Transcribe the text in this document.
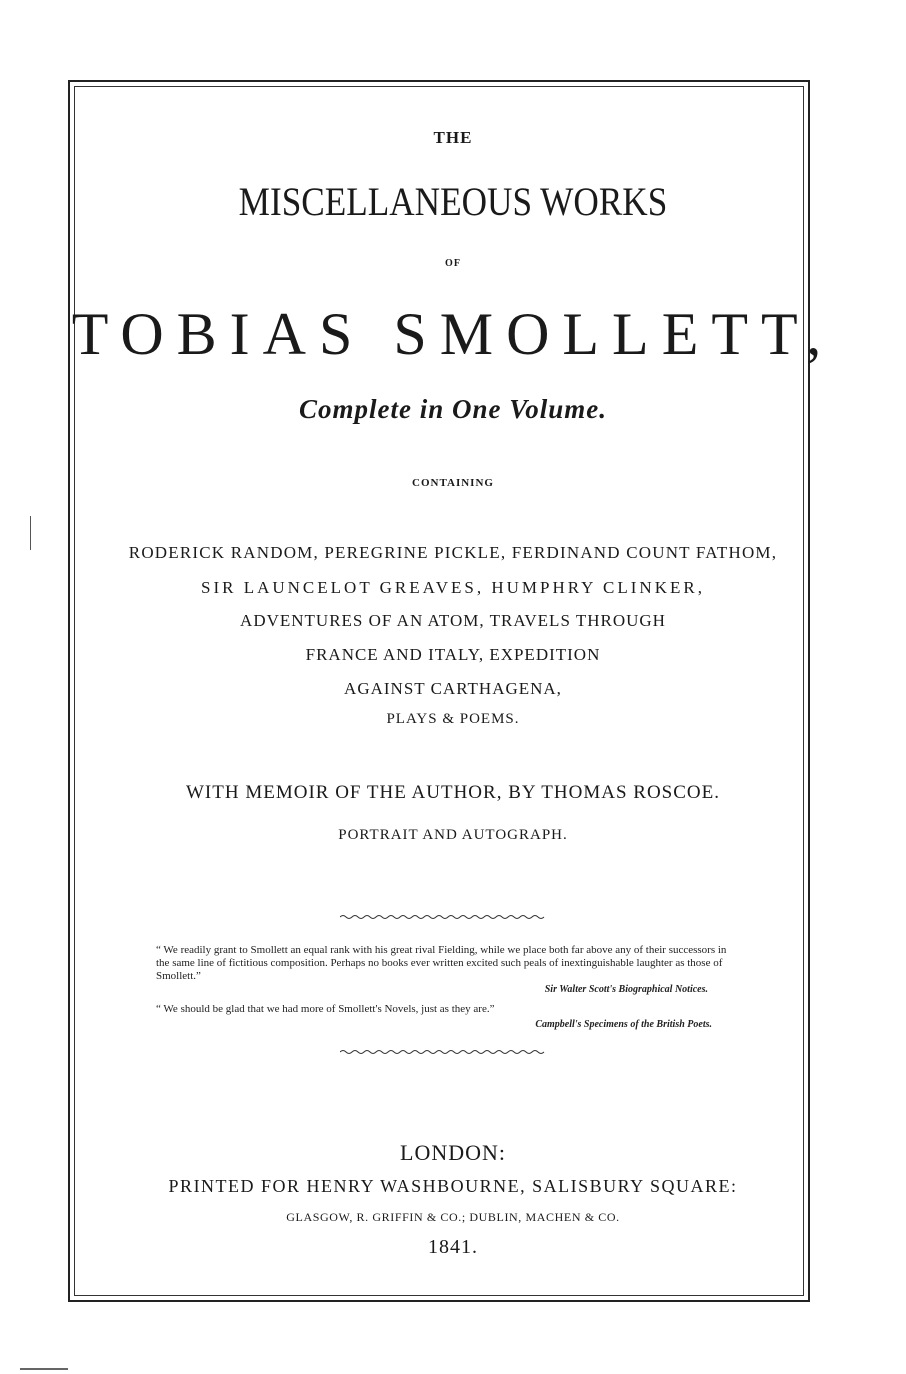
THE
MISCELLANEOUS WORKS
OF
TOBIAS SMOLLETT,
Complete in One Volume.
CONTAINING
RODERICK RANDOM, PEREGRINE PICKLE, FERDINAND COUNT FATHOM,
SIR LAUNCELOT GREAVES, HUMPHRY CLINKER,
ADVENTURES OF AN ATOM, TRAVELS THROUGH
FRANCE AND ITALY, EXPEDITION
AGAINST CARTHAGENA,
PLAYS & POEMS.
WITH MEMOIR OF THE AUTHOR, BY THOMAS ROSCOE.
PORTRAIT AND AUTOGRAPH.
“ We readily grant to Smollett an equal rank with his great rival Fielding, while we place both far above any of their successors in the same line of fictitious composition. Perhaps no books ever written excited such peals of inextinguishable laughter as those of Smollett.”
Sir Walter Scott's Biographical Notices.
“ We should be glad that we had more of Smollett's Novels, just as they are.”
Campbell's Specimens of the British Poets.
LONDON:
PRINTED FOR HENRY WASHBOURNE, SALISBURY SQUARE:
GLASGOW, R. GRIFFIN & CO.; DUBLIN, MACHEN & CO.
1841.
